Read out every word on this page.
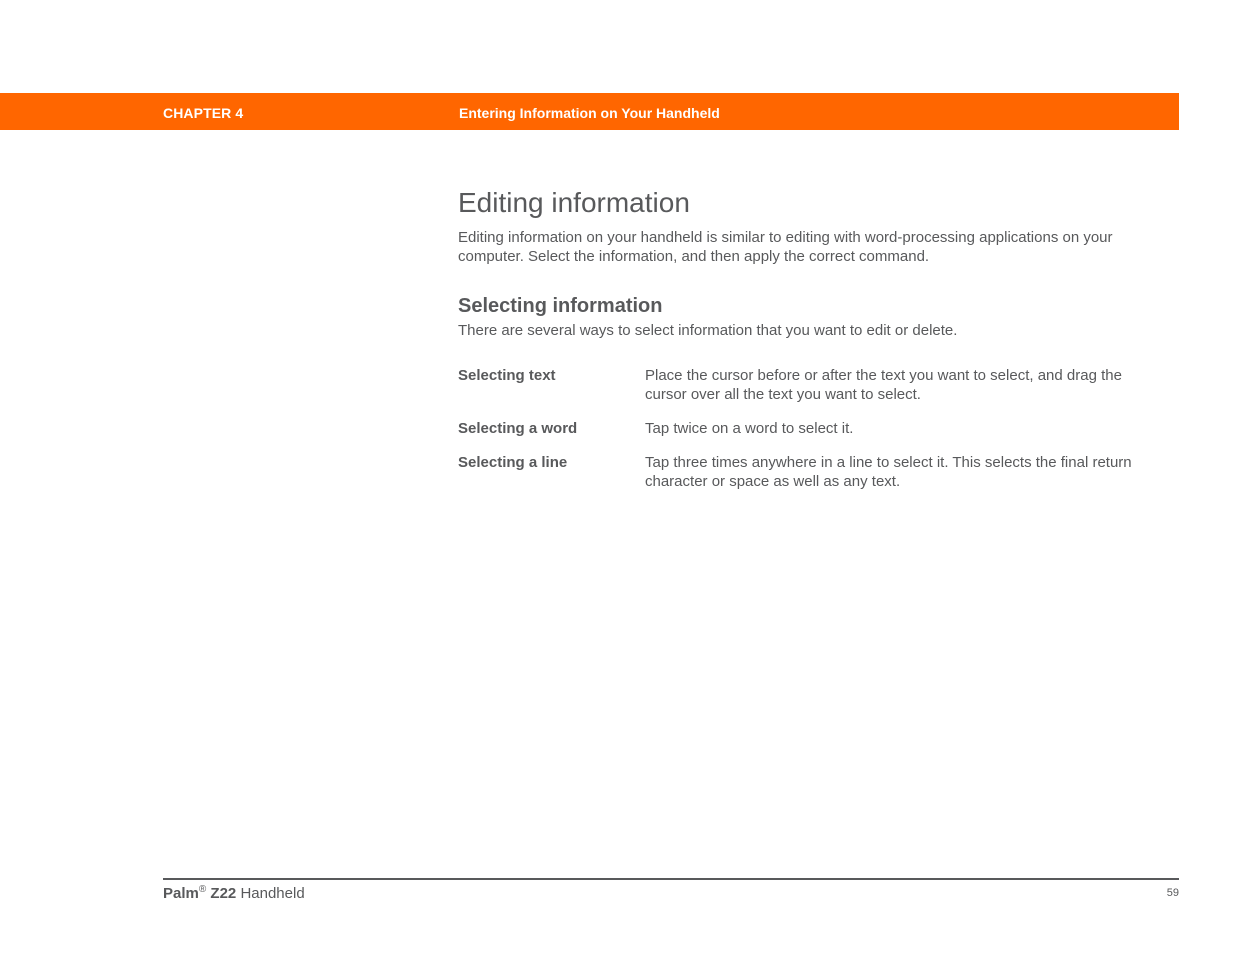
CHAPTER 4	Entering Information on Your Handheld
Editing information

Editing information on your handheld is similar to editing with word-processing applications on your computer. Select the information, and then apply the correct command.

Selecting information

There are several ways to select information that you want to edit or delete.

Selecting text	Place the cursor before or after the text you want to select, and drag the cursor over all the text you want to select.
Selecting a word	Tap twice on a word to select it.
Selecting a line	Tap three times anywhere in a line to select it. This selects the final return character or space as well as any text.
Palm® Z22 Handheld	59
